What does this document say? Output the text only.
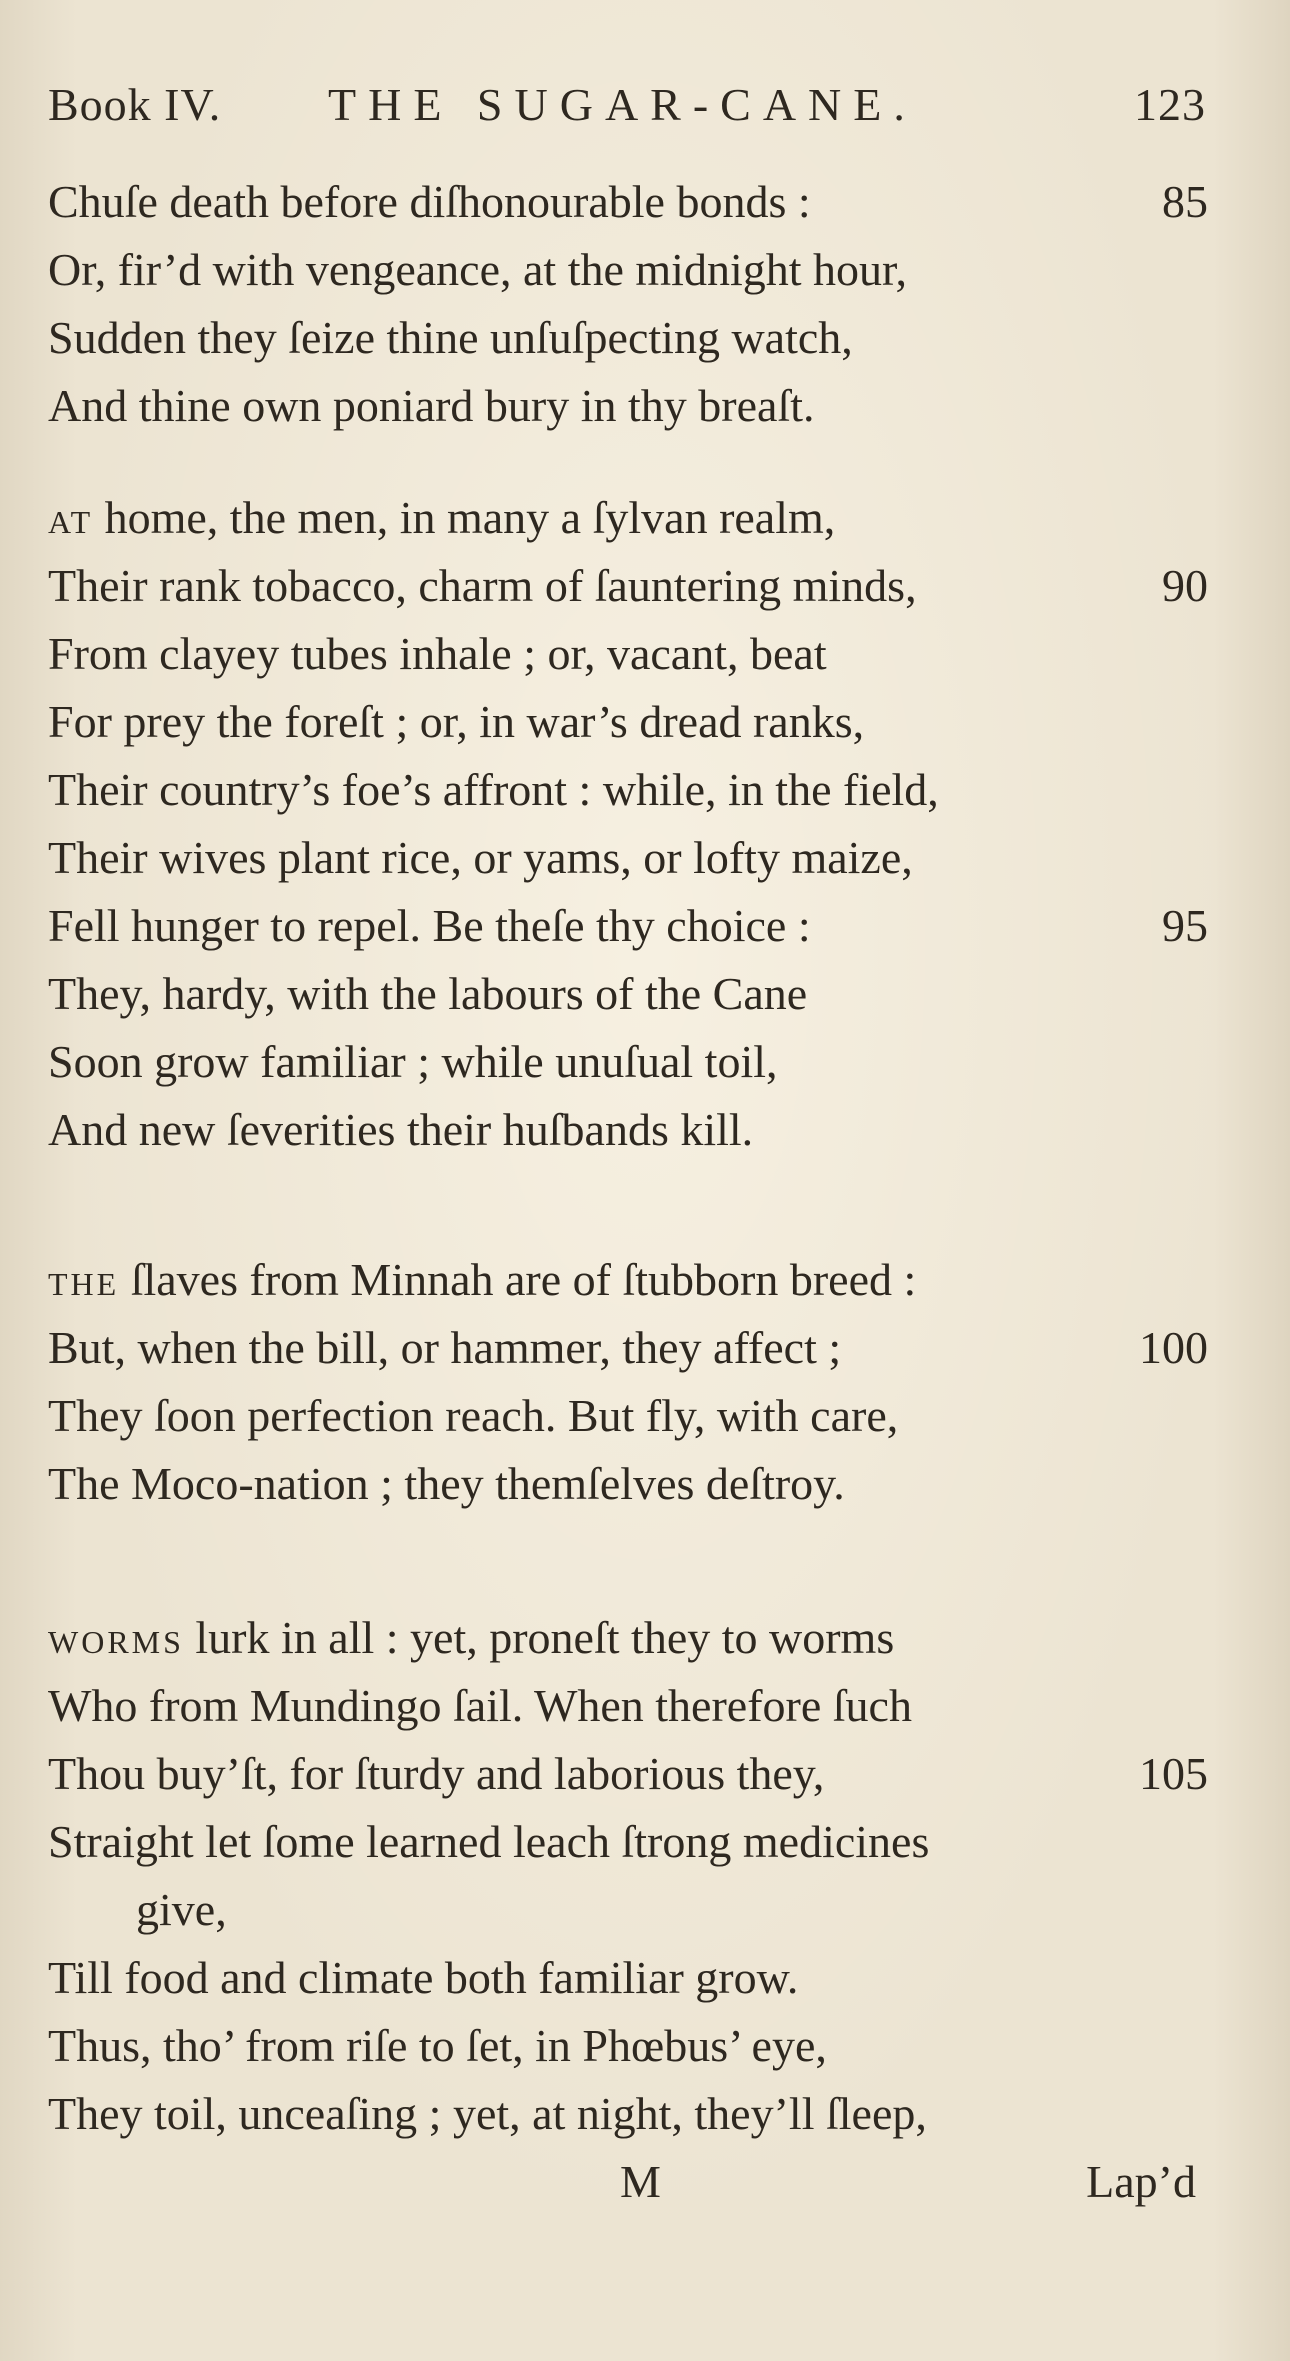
Book IV. THE SUGAR-CANE.	123
Chuſe death before diſhonourable bonds :	85
Or, fir’d with vengeance, at the midnight hour,
Sudden they ſeize thine unſuſpecting watch,
And thine own poniard bury in thy breaſt.
AT home, the men, in many a ſylvan realm,
Their rank tobacco, charm of ſauntering minds,	90
From clayey tubes inhale ; or, vacant, beat
For prey the foreſt ; or, in war’s dread ranks,
Their country’s foe’s affront : while, in the field,
Their wives plant rice, or yams, or lofty maize,
Fell hunger to repel. Be theſe thy choice :	95
They, hardy, with the labours of the Cane
Soon grow familiar ; while unuſual toil,
And new ſeverities their huſbands kill.
THE ſlaves from Minnah are of ſtubborn breed :
But, when the bill, or hammer, they affect ;	100
They ſoon perfection reach. But fly, with care,
The Moco-nation ; they themſelves deſtroy.
WORMS lurk in all : yet, proneſt they to worms
Who from Mundingo ſail. When therefore ſuch
Thou buy’ſt, for ſturdy and laborious they,	105
Straight let ſome learned leach ſtrong medicines
give,
Till food and climate both familiar grow.
Thus, tho’ from riſe to ſet, in Phœbus’ eye,
They toil, unceaſing ; yet, at night, they’ll ſleep,
M	Lap’d
